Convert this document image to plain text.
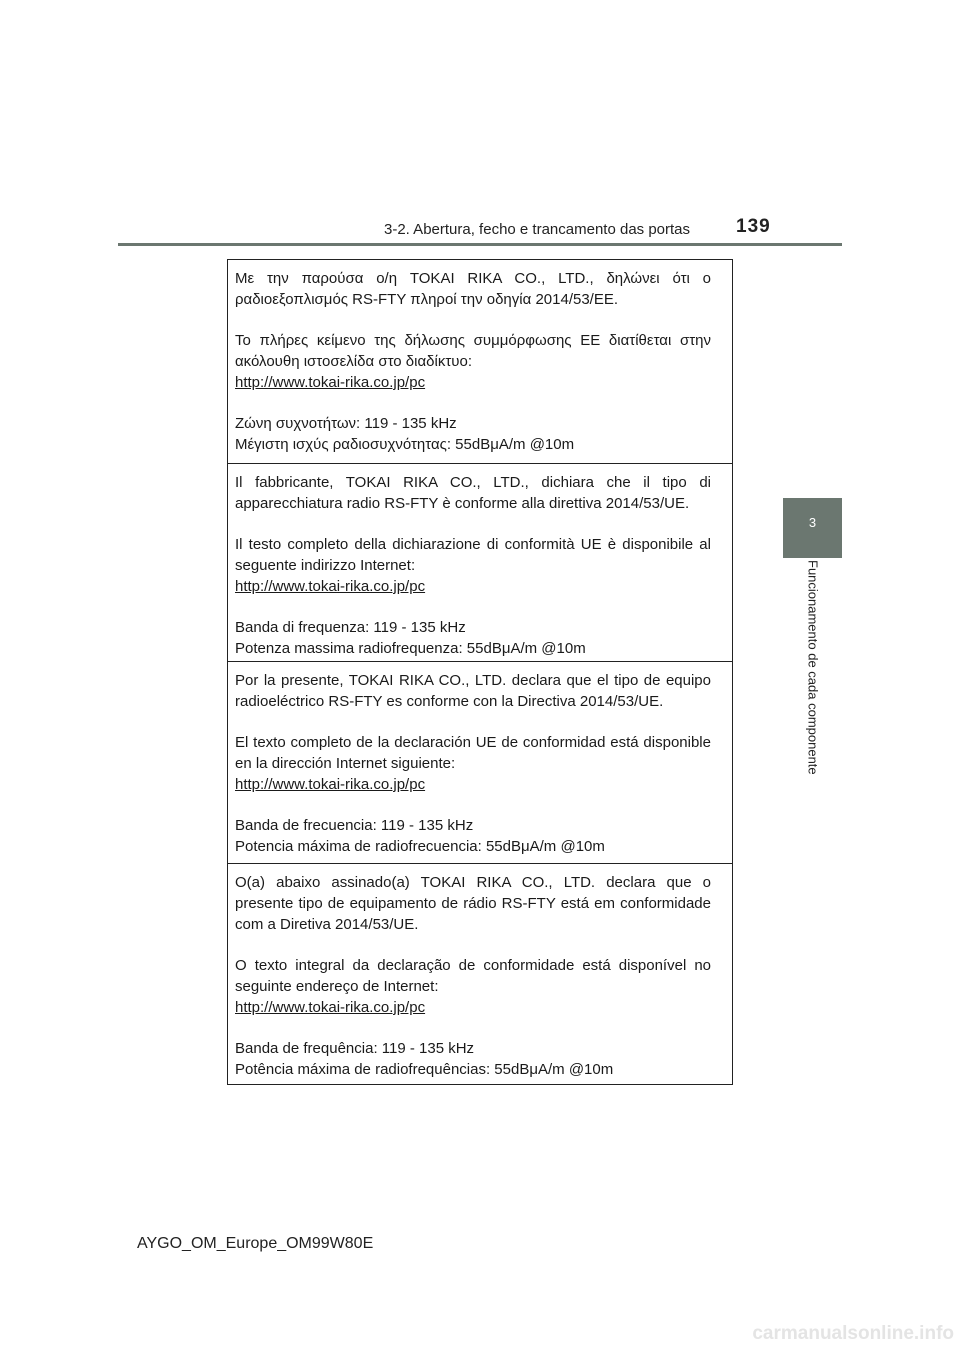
3-2. Abertura, fecho e trancamento das portas 139
3
Funcionamento de cada componente

Με την παρούσα ο/η TOKAI RIKA CO., LTD., δηλώνει ότι ο ραδιοεξοπλισμός RS-FTY πληροί την οδηγία 2014/53/ΕΕ.

Το πλήρες κείμενο της δήλωσης συμμόρφωσης ΕΕ διατίθεται στην ακόλουθη ιστοσελίδα στο διαδίκτυο:

http://www.tokai-rika.co.jp/pc

Ζώνη συχνοτήτων: 119 - 135 kHz

Μέγιστη ισχύς ραδιοσυχνότητας: 55dBμA/m @10m

Il fabbricante, TOKAI RIKA CO., LTD., dichiara che il tipo di apparecchiatura radio RS-FTY è conforme alla direttiva 2014/53/UE.

Il testo completo della dichiarazione di conformità UE è disponibile al seguente indirizzo Internet:

http://www.tokai-rika.co.jp/pc

Banda di frequenza: 119 - 135 kHz

Potenza massima radiofrequenza: 55dBμA/m @10m

Por la presente, TOKAI RIKA CO., LTD. declara que el tipo de equipo radioeléctrico RS-FTY es conforme con la Directiva 2014/53/UE.

El texto completo de la declaración UE de conformidad está disponible en la dirección Internet siguiente:

http://www.tokai-rika.co.jp/pc

Banda de frecuencia: 119 - 135 kHz

Potencia máxima de radiofrecuencia: 55dBμA/m @10m

O(a) abaixo assinado(a) TOKAI RIKA CO., LTD. declara que o presente tipo de equipamento de rádio RS-FTY está em conformidade com a Diretiva 2014/53/UE.

O texto integral da declaração de conformidade está disponível no seguinte endereço de Internet:

http://www.tokai-rika.co.jp/pc

Banda de frequência: 119 - 135 kHz

Potência máxima de radiofrequências: 55dBμA/m @10m

AYGO_OM_Europe_OM99W80E
carmanualsonline.info
